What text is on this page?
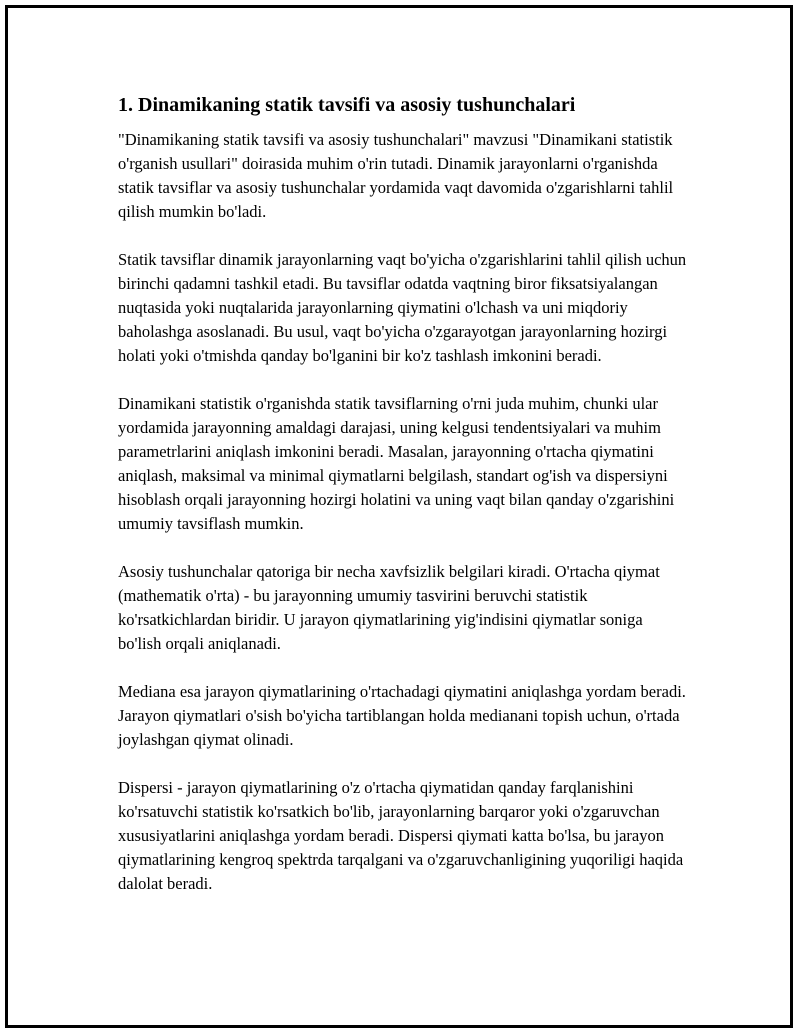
1. Dinamikaning statik tavsifi va asosiy tushunchalari

"Dinamikaning statik tavsifi va asosiy tushunchalari" mavzusi "Dinamikani statistik o'rganish usullari" doirasida muhim o'rin tutadi. Dinamik jarayonlarni o'rganishda statik tavsiflar va asosiy tushunchalar yordamida vaqt davomida o'zgarishlarni tahlil qilish mumkin bo'ladi.

Statik tavsiflar dinamik jarayonlarning vaqt bo'yicha o'zgarishlarini tahlil qilish uchun birinchi qadamni tashkil etadi. Bu tavsiflar odatda vaqtning biror fiksatsiyalangan nuqtasida yoki nuqtalarida jarayonlarning qiymatini o'lchash va uni miqdoriy baholashga asoslanadi. Bu usul, vaqt bo'yicha o'zgarayotgan jarayonlarning hozirgi holati yoki o'tmishda qanday bo'lganini bir ko'z tashlash imkonini beradi.

Dinamikani statistik o'rganishda statik tavsiflarning o'rni juda muhim, chunki ular yordamida jarayonning amaldagi darajasi, uning kelgusi tendentsiyalari va muhim parametrlarini aniqlash imkonini beradi. Masalan, jarayonning o'rtacha qiymatini aniqlash, maksimal va minimal qiymatlarni belgilash, standart og'ish va dispersiyni hisoblash orqali jarayonning hozirgi holatini va uning vaqt bilan qanday o'zgarishini umumiy tavsiflash mumkin.

Asosiy tushunchalar qatoriga bir necha xavfsizlik belgilari kiradi. O'rtacha qiymat (mathematik o'rta) - bu jarayonning umumiy tasvirini beruvchi statistik ko'rsatkichlardan biridir. U jarayon qiymatlarining yig'indisini qiymatlar soniga bo'lish orqali aniqlanadi.

Mediana esa jarayon qiymatlarining o'rtachadagi qiymatini aniqlashga yordam beradi. Jarayon qiymatlari o'sish bo'yicha tartiblangan holda medianani topish uchun, o'rtada joylashgan qiymat olinadi.

Dispersi - jarayon qiymatlarining o'z o'rtacha qiymatidan qanday farqlanishini ko'rsatuvchi statistik ko'rsatkich bo'lib, jarayonlarning barqaror yoki o'zgaruvchan xususiyatlarini aniqlashga yordam beradi. Dispersi qiymati katta bo'lsa, bu jarayon qiymatlarining kengroq spektrda tarqalgani va o'zgaruvchanligining yuqoriligi haqida dalolat beradi.
